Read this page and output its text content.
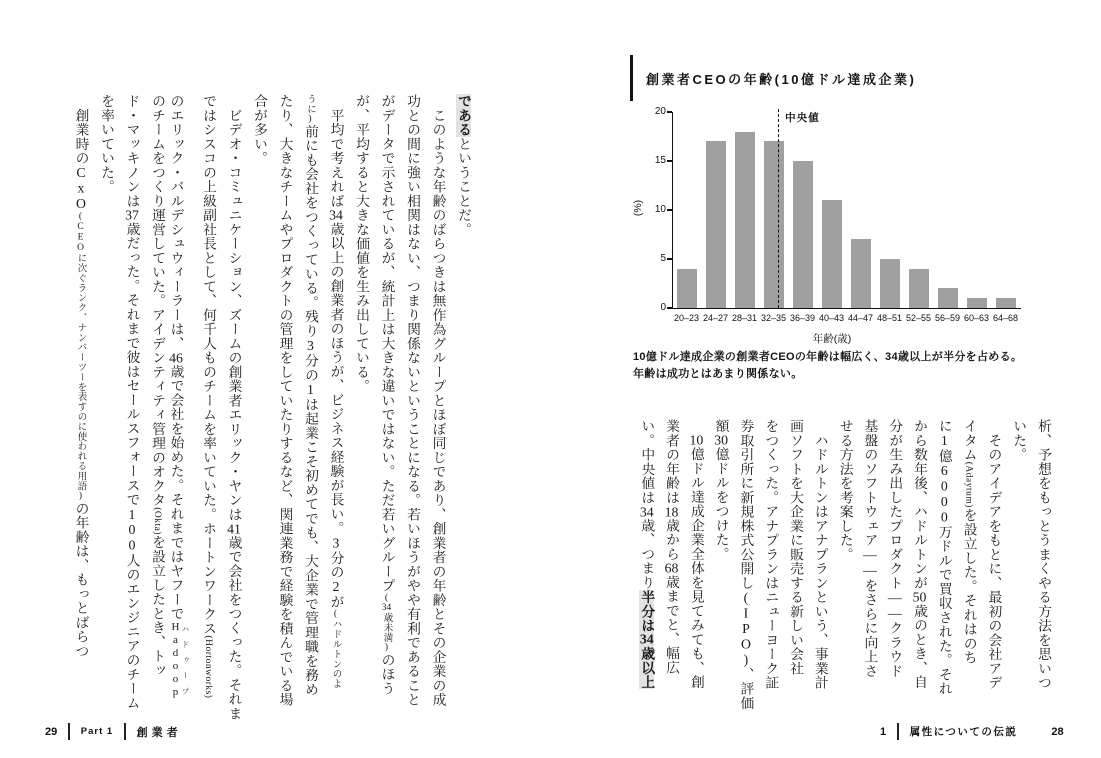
であるということだ。
　このような年齢のばらつきは無作為グループとほぼ同じであり、創業者の年齢とその企業の成
功との間に強い相関はない、つまり関係ないということになる。若いほうがやや有利であること
がデータで示されているが、統計上は大きな違いではない。ただ若いグループ(34歳未満)のほう
が、平均すると大きな価値を生み出している。
　平均で考えれば34歳以上の創業者のほうが、ビジネス経験が長い。3分の2が(ハドルトンのよ
うに)前にも会社をつくっている。残り3分の1は起業こそ初めてでも、大企業で管理職を務め
たり、大きなチームやプロダクトの管理をしていたりするなど、関連業務で経験を積んでいる場
合が多い。
　ビデオ・コミュニケーション、ズームの創業者エリック・ヤンは41歳で会社をつくった。それま
ではシスコの上級副社長として、何千人ものチームを率いていた。ホートンワークス(Hortonworks)
のエリック・バルデシュウィーラーは、46歳で会社を始めた。それまではヤフーでHadoop ハドゥープ
のチームをつくり運営していた。アイデンティティ管理のオクタ(Okta)を設立したとき、トッ
ド・マッキノンは37歳だった。それまで彼はセールスフォースで100人のエンジニアのチーム
を率いていた。
　創業時のCxO(CEOに次ぐランク、ナンバーツーを表すのに使われる用語)の年齢は、もっとばらつ
29 Part 1 創業者
創業者CEOの年齢(10億ドル達成企業)
(%)
年齢(歳)
0
5
10
15
20
20–23 24–27 28–31 32–35 36–39 40–43 44–47 48–51 52–55 56–59 60–63 64–68
中央値
10億ドル達成企業の創業者CEOの年齢は幅広く、34歳以上が半分を占める。年齢は成功とはあまり関係ない。
析、予想をもっとうまくやる方法を思いつ
いた。
　そのアイデアをもとに、最初の会社アデ
イタム(Adaytum)を設立した。それはのち
に1億6000万ドルで買収された。それ
から数年後、ハドルトンが50歳のとき、自
分が生み出したプロダクト――クラウド
基盤のソフトウェア――をさらに向上さ
せる方法を考案した。
　ハドルトンはアナプランという、事業計
画ソフトを大企業に販売する新しい会社
をつくった。アナプランはニューヨーク証
券取引所に新規株式公開し(IPO)、評価
額30億ドルをつけた。
　10億ドル達成企業全体を見てみても、創
業者の年齢は18歳から68歳までと、幅広
い。中央値は34歳、つまり半分は34歳以上
1 属性についての伝説	28
